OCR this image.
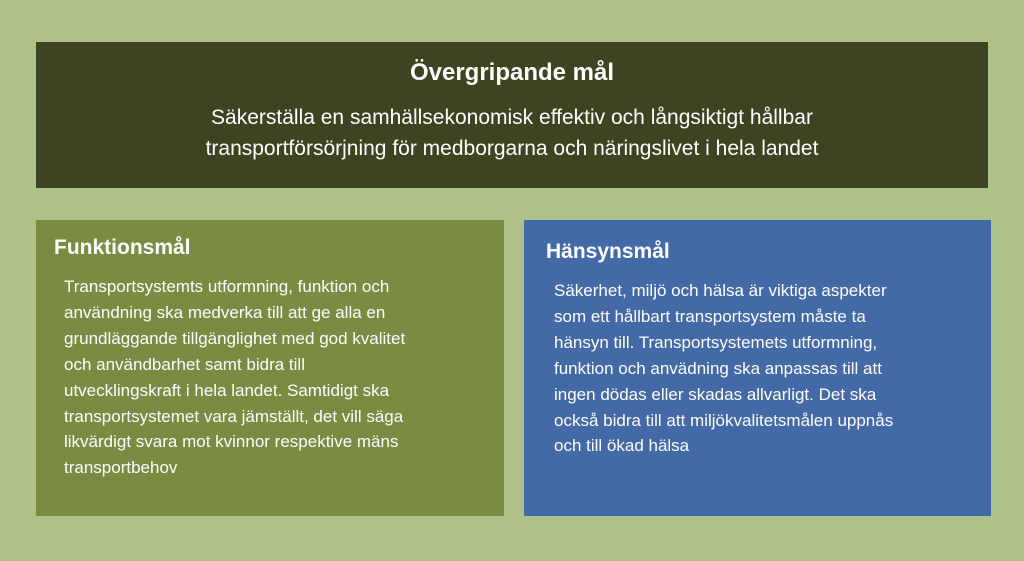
Övergripande mål
Säkerställa en samhällsekonomisk effektiv och långsiktigt hållbar
transportförsörjning för medborgarna och näringslivet i hela landet
Funktionsmål
Transportsystemts utformning, funktion och
användning ska medverka till att ge alla en
grundläggande tillgänglighet med god kvalitet
och användbarhet samt bidra till
utvecklingskraft i hela landet. Samtidigt ska
transportsystemet vara jämställt, det vill säga
likvärdigt svara mot kvinnor respektive mäns
transportbehov
Hänsynsmål
Säkerhet, miljö och hälsa är viktiga aspekter
som ett hållbart transportsystem måste ta
hänsyn till. Transportsystemets utformning,
funktion och anvädning ska anpassas till att
ingen dödas eller skadas allvarligt. Det ska
också bidra till att miljökvalitetsmålen uppnås
och till ökad hälsa
